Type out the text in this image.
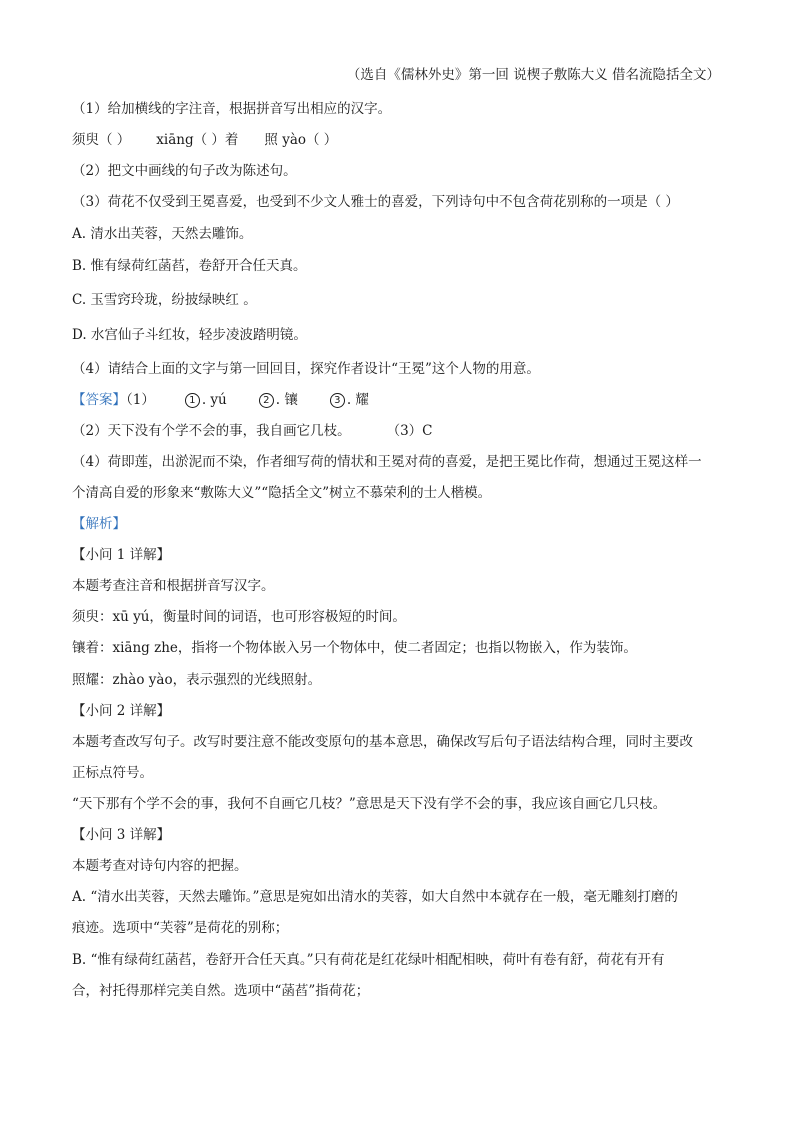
（选自《儒林外史》第一回 说楔子敷陈大义 借名流隐括全文）
（1）给加横线的字注音，根据拼音写出相应的汉字。
须臾（ ） xiāng（ ）着 照 yào（ ）
（2）把文中画线的句子改为陈述句。
（3）荷花不仅受到王冕喜爱，也受到不少文人雅士的喜爱，下列诗句中不包含荷花别称的一项是（ ）
A. 清水出芙蓉，天然去雕饰。
B. 惟有绿荷红菡萏，卷舒开合任天真。
C. 玉雪窍玲珑，纷披绿映红 。
D. 水宫仙子斗红妆，轻步凌波踏明镜。
（4）请结合上面的文字与第一回回目，探究作者设计“王冕”这个人物的用意。
【答案】（1）	1 . yú	2 . 镶	3 . 耀
（2）天下没有个学不会的事，我自画它几枝。	（3）C
（4）荷即莲，出淤泥而不染，作者细写荷的情状和王冕对荷的喜爱，是把王冕比作荷，想通过王冕这样一
个清高自爱的形象来“敷陈大义”“隐括全文”树立不慕荣利的士人楷模。
【解析】
【小问 1 详解】
本题考查注音和根据拼音写汉字。
须臾：xū yú，衡量时间的词语，也可形容极短的时间。
镶着：xiāng zhe，指将一个物体嵌入另一个物体中，使二者固定；也指以物嵌入，作为装饰。
照耀：zhào yào，表示强烈的光线照射。
【小问 2 详解】
本题考查改写句子。改写时要注意不能改变原句的基本意思，确保改写后句子语法结构合理，同时主要改
正标点符号。
“天下那有个学不会的事，我何不自画它几枝？”意思是天下没有学不会的事，我应该自画它几只枝。
【小问 3 详解】
本题考查对诗句内容的把握。
A. “清水出芙蓉，天然去雕饰。”意思是宛如出清水的芙蓉，如大自然中本就存在一般，毫无雕刻打磨的
痕迹。选项中“芙蓉”是荷花的别称；
B. “惟有绿荷红菡萏，卷舒开合任天真。”只有荷花是红花绿叶相配相映，荷叶有卷有舒，荷花有开有
合，衬托得那样完美自然。选项中“菡萏”指荷花；
